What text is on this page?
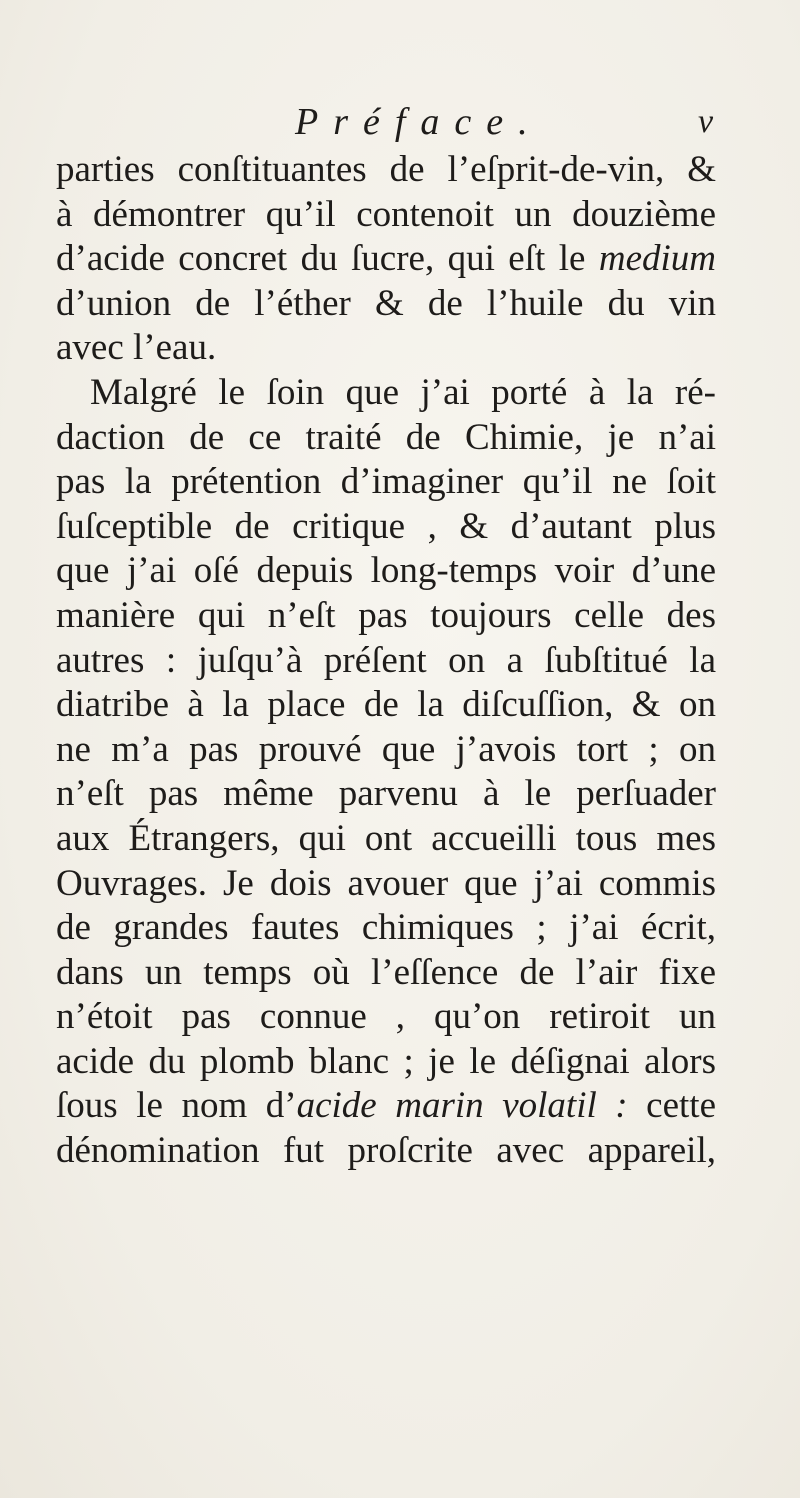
Préface.	v
parties conſtituantes de l’eſprit-de-vin, &
à démontrer qu’il contenoit un douzième
d’acide concret du ſucre, qui eſt le medium
d’union de l’éther & de l’huile du vin
avec l’eau.
Malgré le ſoin que j’ai porté à la ré-
daction de ce traité de Chimie, je n’ai
pas la prétention d’imaginer qu’il ne ſoit
ſuſceptible de critique , & d’autant plus
que j’ai oſé depuis long-temps voir d’une
manière qui n’eſt pas toujours celle des
autres : juſqu’à préſent on a ſubſtitué la
diatribe à la place de la diſcuſſion, & on
ne m’a pas prouvé que j’avois tort ; on
n’eſt pas même parvenu à le perſuader
aux Étrangers, qui ont accueilli tous mes
Ouvrages. Je dois avouer que j’ai commis
de grandes fautes chimiques ; j’ai écrit,
dans un temps où l’eſſence de l’air fixe
n’étoit pas connue , qu’on retiroit un
acide du plomb blanc ; je le déſignai alors
ſous le nom d’acide marin volatil : cette
dénomination fut proſcrite avec appareil,
